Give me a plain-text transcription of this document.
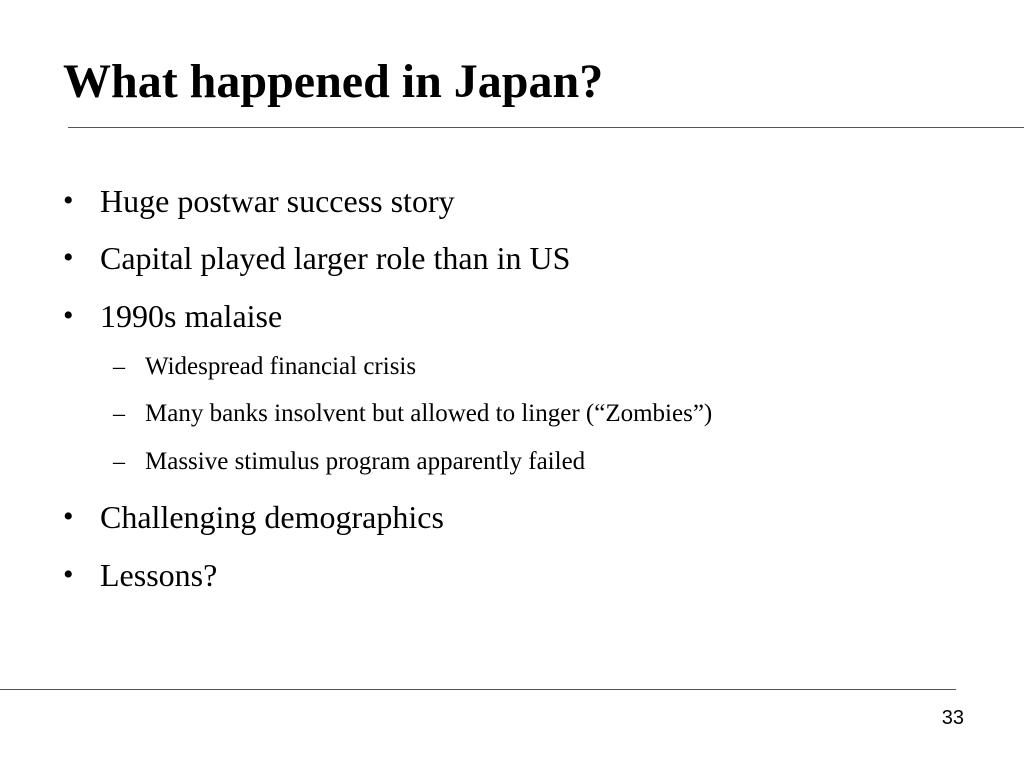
What happened in Japan?
• Huge postwar success story
• Capital played larger role than in US
• 1990s malaise
– Widespread financial crisis
– Many banks insolvent but allowed to linger (“Zombies”)
– Massive stimulus program apparently failed
• Challenging demographics
• Lessons?
33
